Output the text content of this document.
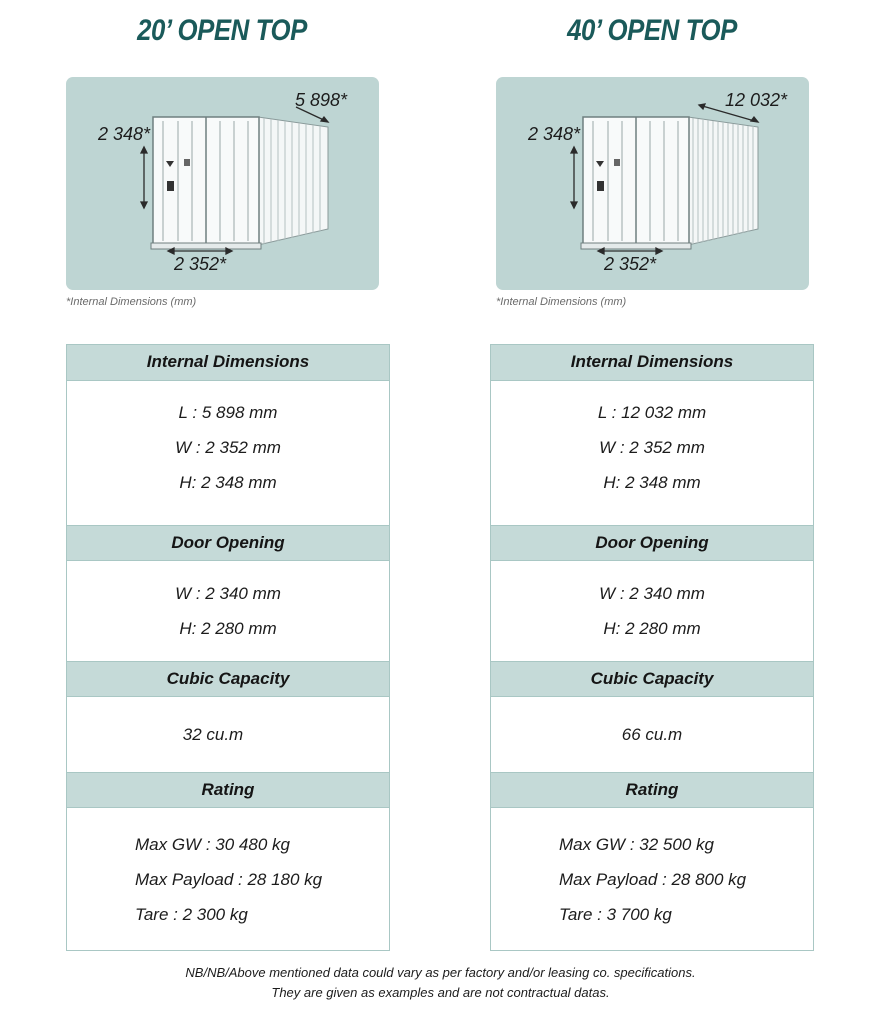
20’ OPEN TOP	40’ OPEN TOP
5 898*
2 348*
2 352*
12 032*
2 348*
2 352*
*Internal Dimensions (mm)	*Internal Dimensions (mm)
Internal Dimensions
L : 5 898 mm
W : 2 352 mm
H: 2 348 mm
Door Opening
W : 2 340 mm
H: 2 280 mm
Cubic Capacity
32 cu.m
Rating
Max GW : 30 480 kg
Max Payload : 28 180 kg
Tare : 2 300 kg
Internal Dimensions
L : 12 032 mm
W : 2 352 mm
H: 2 348 mm
Door Opening
W : 2 340 mm
H: 2 280 mm
Cubic Capacity
66 cu.m
Rating
Max GW : 32 500 kg
Max Payload : 28 800 kg
Tare : 3 700 kg
NB/NB/Above mentioned data could vary as per factory and/or leasing co. specifications.
They are given as examples and are not contractual datas.
